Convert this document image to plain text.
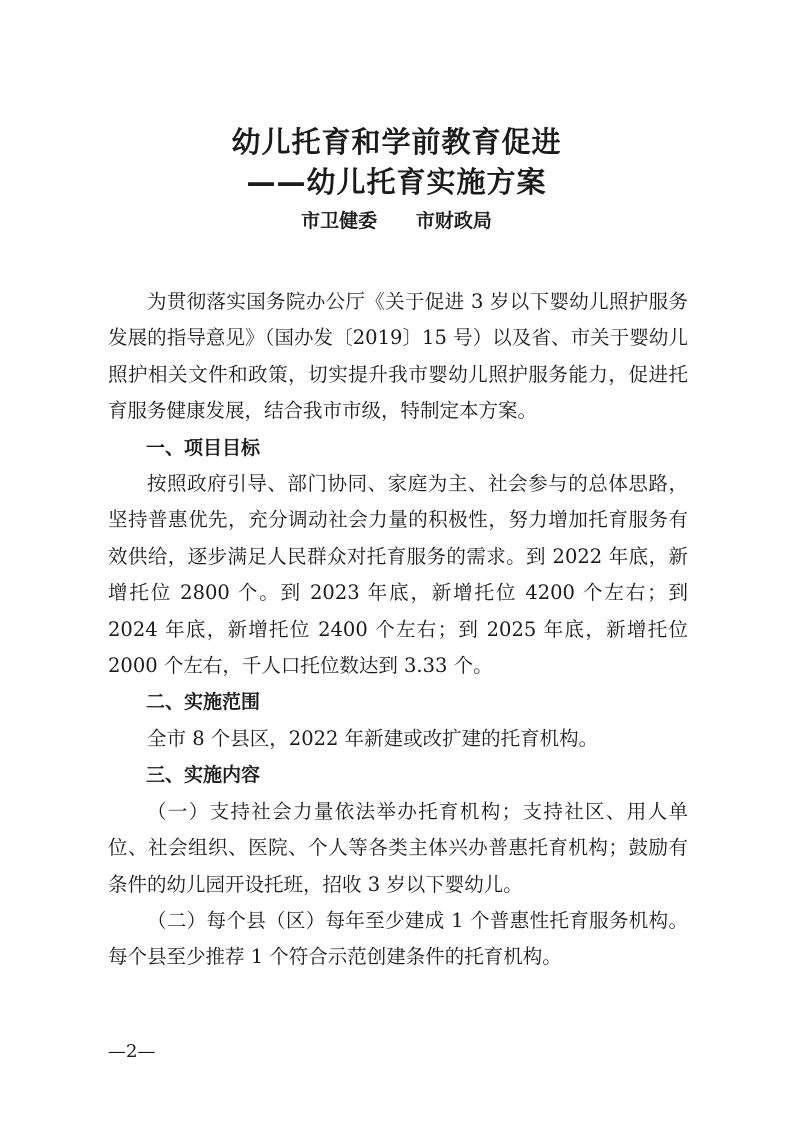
幼儿托育和学前教育促进
——幼儿托育实施方案
市卫健委 市财政局

为贯彻落实国务院办公厅《关于促进 3 岁以下婴幼儿照护服务发展的指导意见》（国办发〔2019〕15 号）以及省、市关于婴幼儿照护相关文件和政策，切实提升我市婴幼儿照护服务能力，促进托育服务健康发展，结合我市市级，特制定本方案。

一、项目目标

按照政府引导、部门协同、家庭为主、社会参与的总体思路，坚持普惠优先，充分调动社会力量的积极性，努力增加托育服务有效供给，逐步满足人民群众对托育服务的需求。到 2022 年底，新增托位 2800 个。到 2023 年底，新增托位 4200 个左右；到 2024 年底，新增托位 2400 个左右；到 2025 年底，新增托位 2000 个左右，千人口托位数达到 3.33 个。

二、实施范围

全市 8 个县区，2022 年新建或改扩建的托育机构。

三、实施内容

（一）支持社会力量依法举办托育机构；支持社区、用人单位、社会组织、医院、个人等各类主体兴办普惠托育机构；鼓励有条件的幼儿园开设托班，招收 3 岁以下婴幼儿。

（二）每个县（区）每年至少建成 1 个普惠性托育服务机构。每个县至少推荐 1 个符合示范创建条件的托育机构。

—2—
